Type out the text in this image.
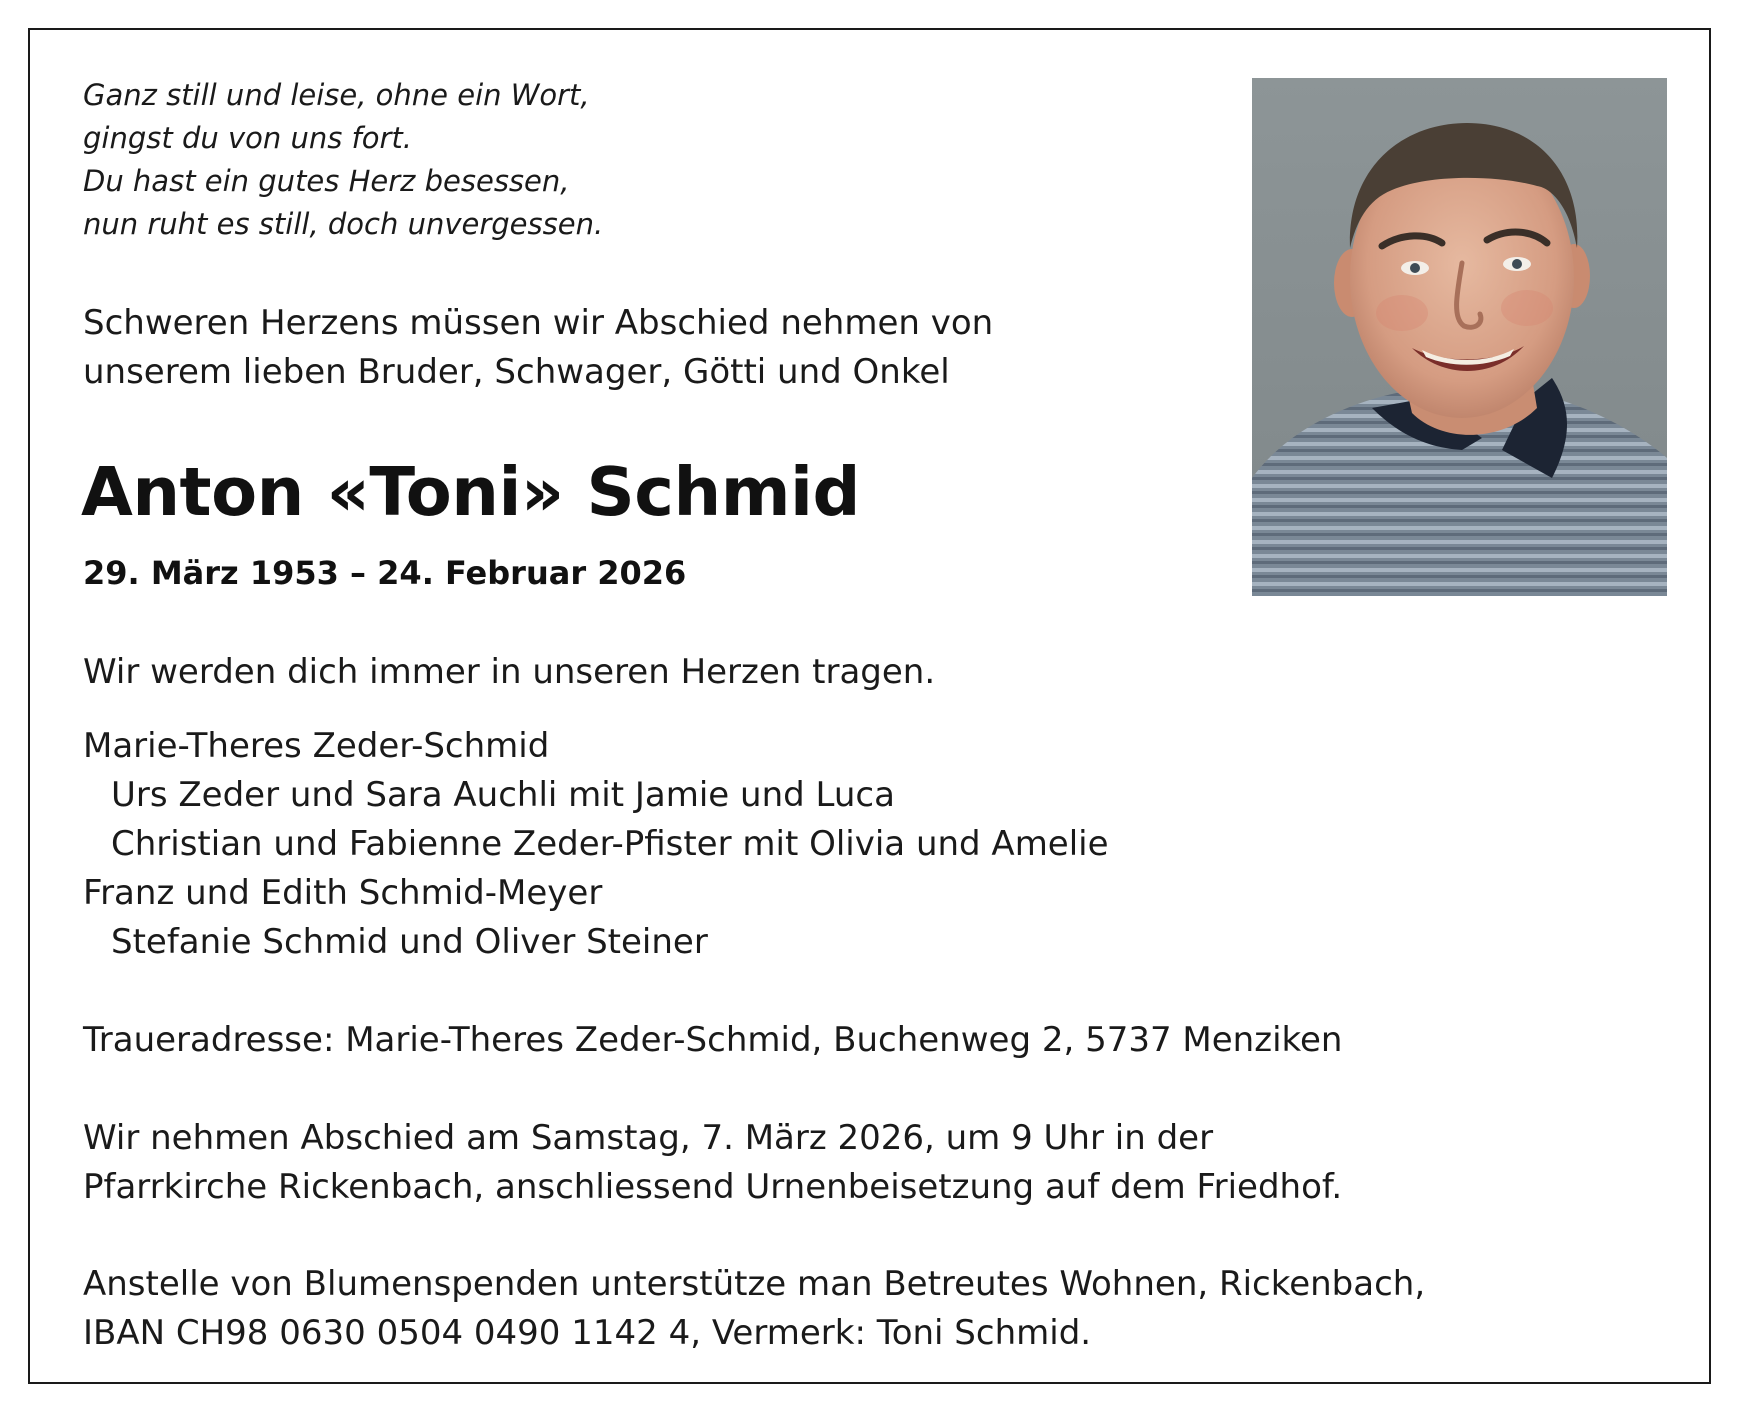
Ganz still und leise, ohne ein Wort,
gingst du von uns fort.
Du hast ein gutes Herz besessen,
nun ruht es still, doch unvergessen.
Schweren Herzens müssen wir Abschied nehmen von
unserem lieben Bruder, Schwager, Götti und Onkel
Anton «Toni» Schmid
29. März 1953 – 24. Februar 2026
Wir werden dich immer in unseren Herzen tragen.
Marie-Theres Zeder-Schmid
Urs Zeder und Sara Auchli mit Jamie und Luca
Christian und Fabienne Zeder-Pfister mit Olivia und Amelie
Franz und Edith Schmid-Meyer
Stefanie Schmid und Oliver Steiner
Traueradresse: Marie-Theres Zeder-Schmid, Buchenweg 2, 5737 Menziken
Wir nehmen Abschied am Samstag, 7. März 2026, um 9 Uhr in der
Pfarrkirche Rickenbach, anschliessend Urnenbeisetzung auf dem Friedhof.
Anstelle von Blumenspenden unterstütze man Betreutes Wohnen, Rickenbach,
IBAN CH98 0630 0504 0490 1142 4, Vermerk: Toni Schmid.
